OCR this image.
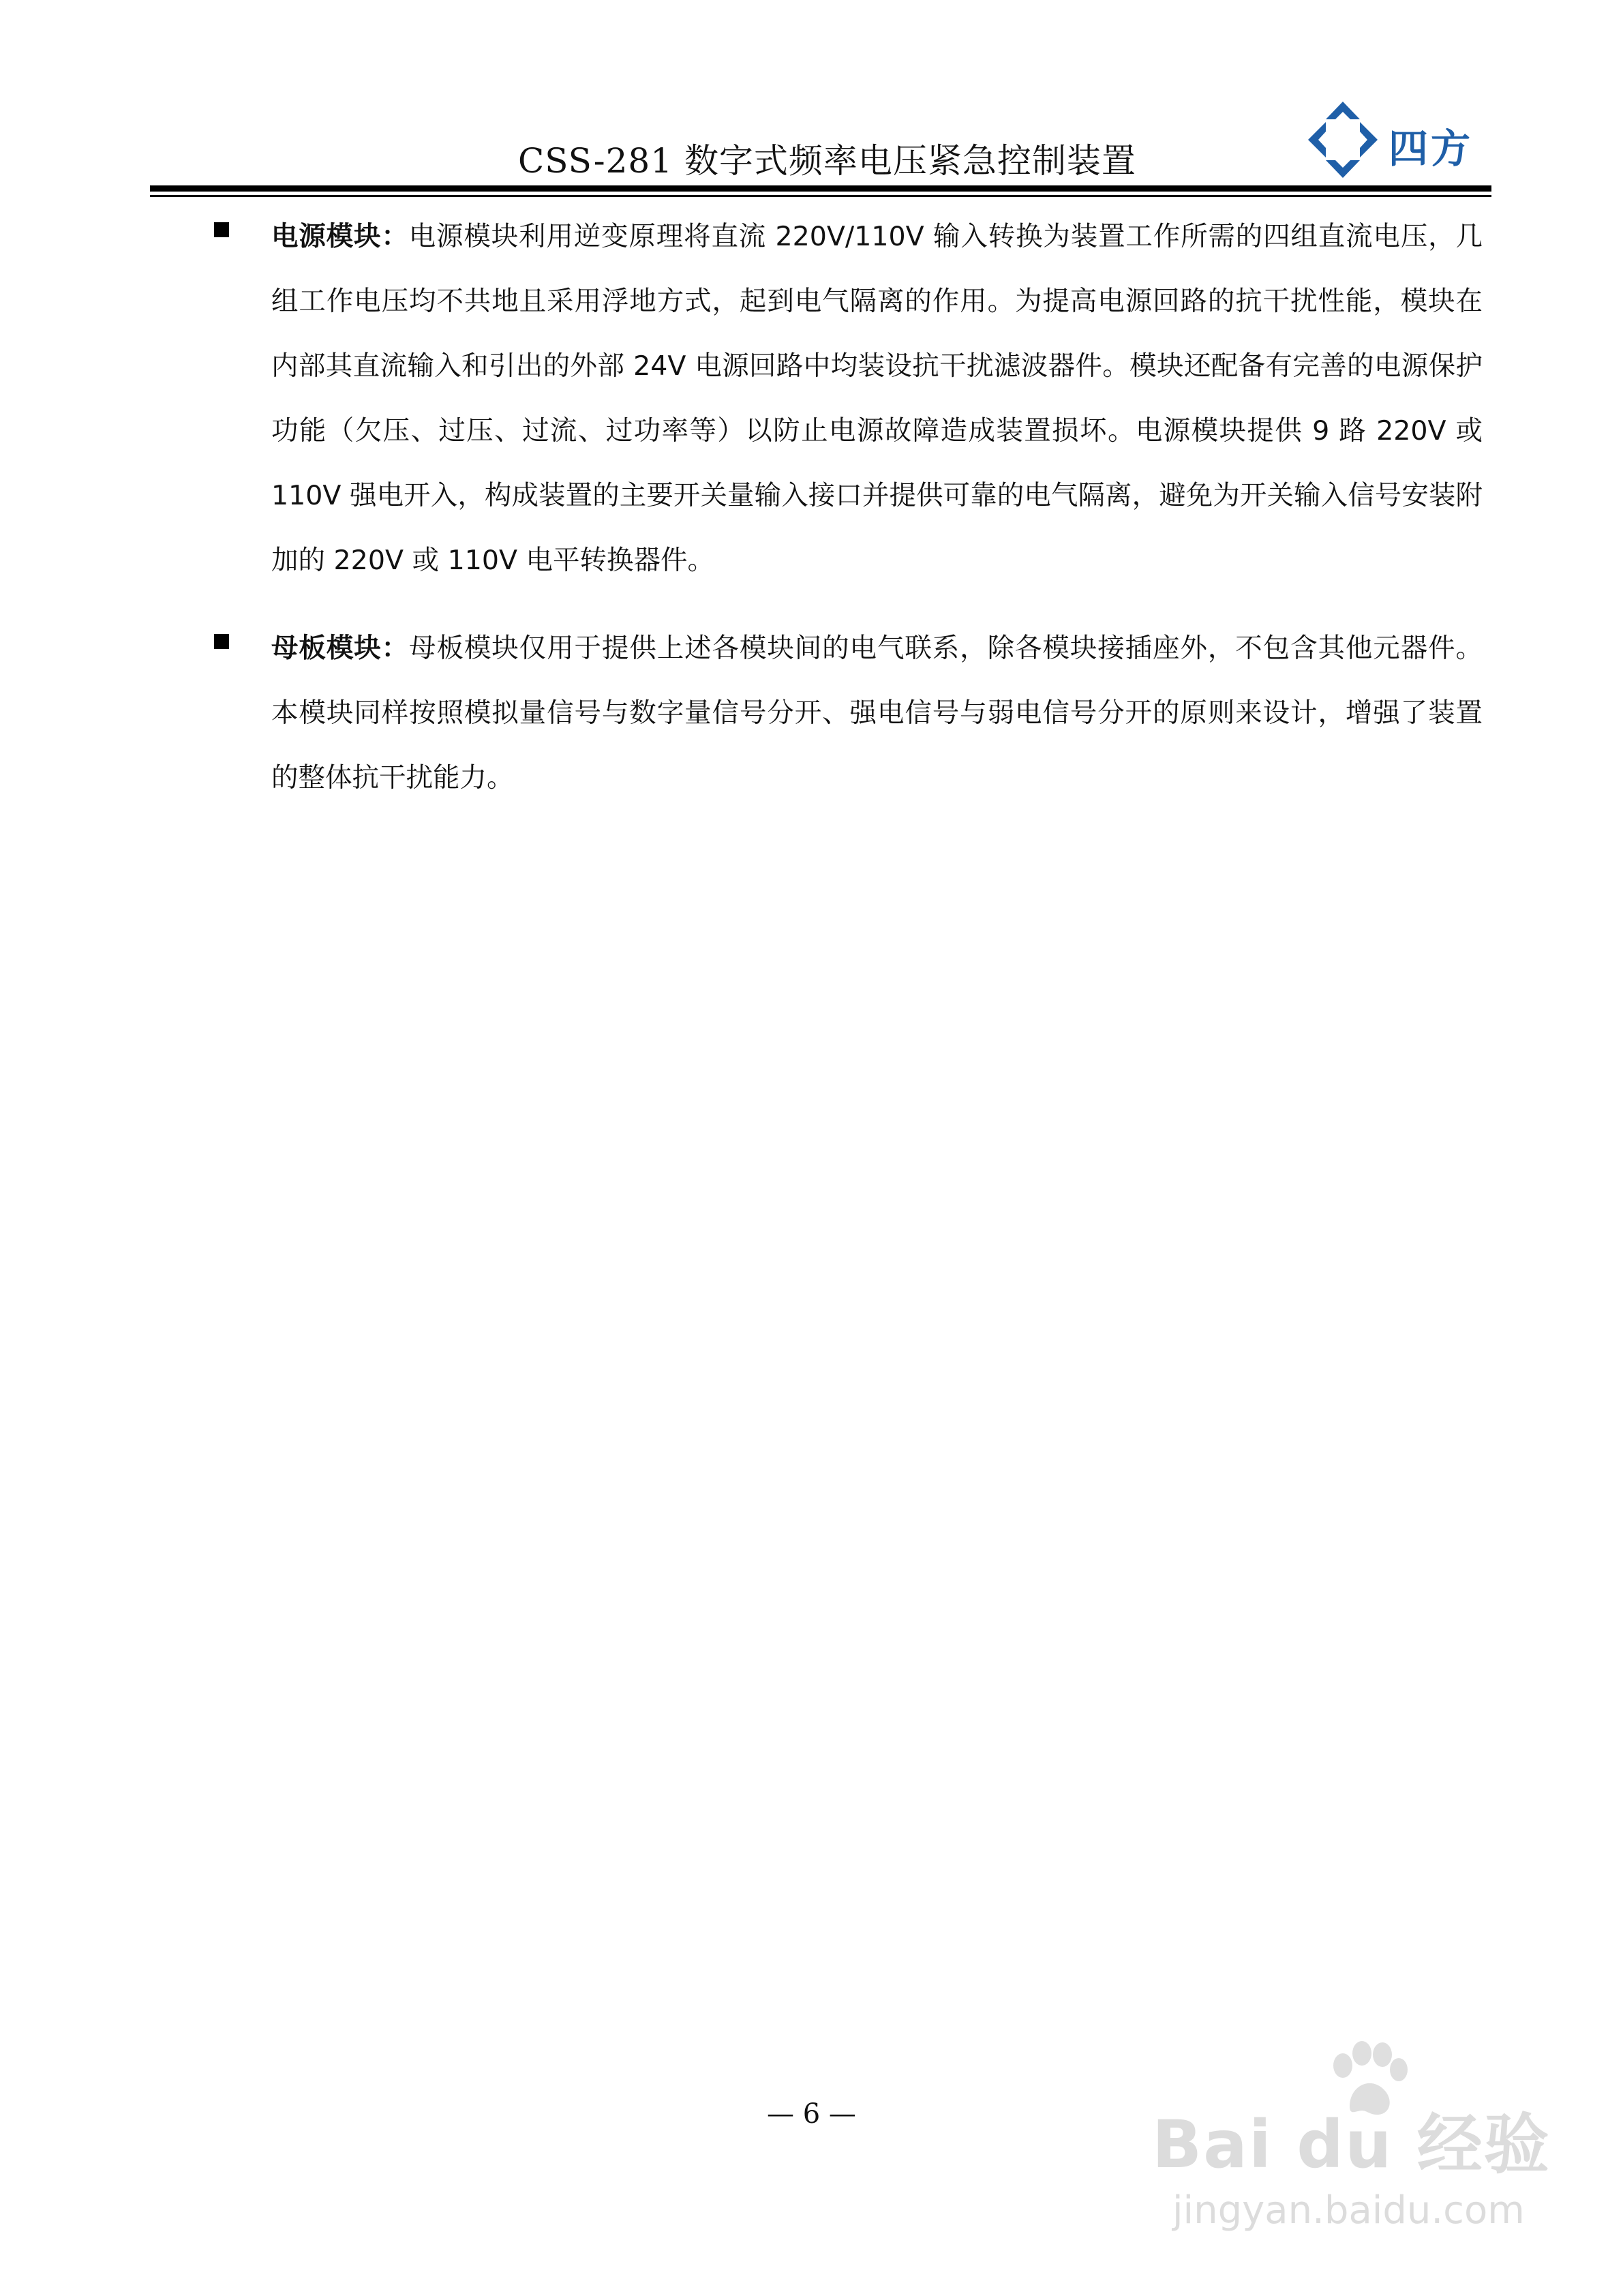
CSS-281 数字式频率电压紧急控制装置	四方
电源模块：电源模块利用逆变原理将直流 220V/110V 输入转换为装置工作所需的四组直流电压，几组工作电压均不共地且采用浮地方式，起到电气隔离的作用。为提高电源回路的抗干扰性能，模块在内部其直流输入和引出的外部 24V 电源回路中均装设抗干扰滤波器件。模块还配备有完善的电源保护功能（欠压、过压、过流、过功率等）以防止电源故障造成装置损坏。电源模块提供 9 路 220V 或 110V 强电开入，构成装置的主要开关量输入接口并提供可靠的电气隔离，避免为开关输入信号安装附加的 220V 或 110V 电平转换器件。
母板模块：母板模块仅用于提供上述各模块间的电气联系，除各模块接插座外，不包含其他元器件。本模块同样按照模拟量信号与数字量信号分开、强电信号与弱电信号分开的原则来设计，增强了装置的整体抗干扰能力。
— 6 —	Bai du 经验
jingyan.baidu.com
